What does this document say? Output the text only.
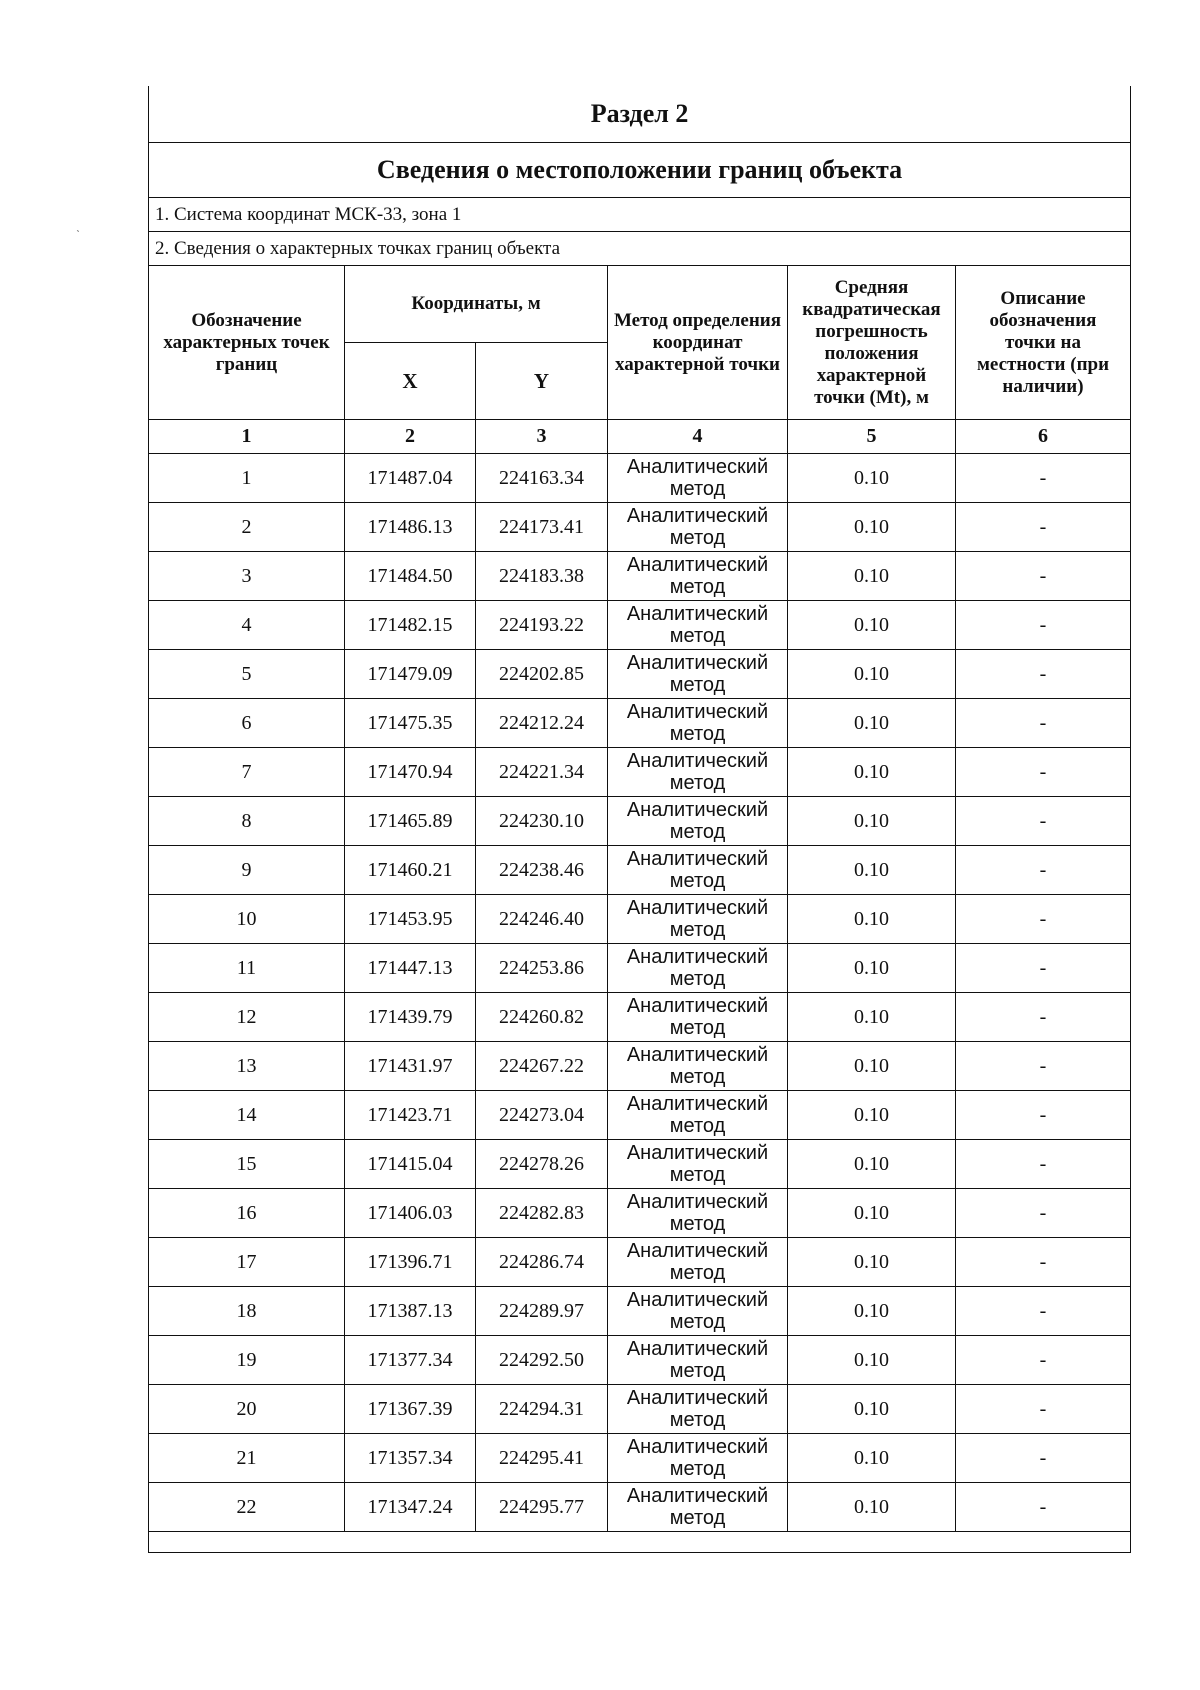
Раздел 2					
Сведения о местоположении границ объекта					
1. Система координат МСК-33, зона 1					
2. Сведения о характерных точках границ объекта					
Обозначение характерных точек границ	Координаты, м		Метод определения координат характерной точки	Средняя квадратическая погрешность положения характерной точки (Mt), м	Описание обозначения точки на местности (при наличии)
	X	Y			
1	2	3	4	5	6
1	171487.04	224163.34	Аналитический метод	0.10	-
2	171486.13	224173.41	Аналитический метод	0.10	-
3	171484.50	224183.38	Аналитический метод	0.10	-
4	171482.15	224193.22	Аналитический метод	0.10	-
5	171479.09	224202.85	Аналитический метод	0.10	-
6	171475.35	224212.24	Аналитический метод	0.10	-
7	171470.94	224221.34	Аналитический метод	0.10	-
8	171465.89	224230.10	Аналитический метод	0.10	-
9	171460.21	224238.46	Аналитический метод	0.10	-
10	171453.95	224246.40	Аналитический метод	0.10	-
11	171447.13	224253.86	Аналитический метод	0.10	-
12	171439.79	224260.82	Аналитический метод	0.10	-
13	171431.97	224267.22	Аналитический метод	0.10	-
14	171423.71	224273.04	Аналитический метод	0.10	-
15	171415.04	224278.26	Аналитический метод	0.10	-
16	171406.03	224282.83	Аналитический метод	0.10	-
17	171396.71	224286.74	Аналитический метод	0.10	-
18	171387.13	224289.97	Аналитический метод	0.10	-
19	171377.34	224292.50	Аналитический метод	0.10	-
20	171367.39	224294.31	Аналитический метод	0.10	-
21	171357.34	224295.41	Аналитический метод	0.10	-
22	171347.24	224295.77	Аналитический метод	0.10	-

ˋ
